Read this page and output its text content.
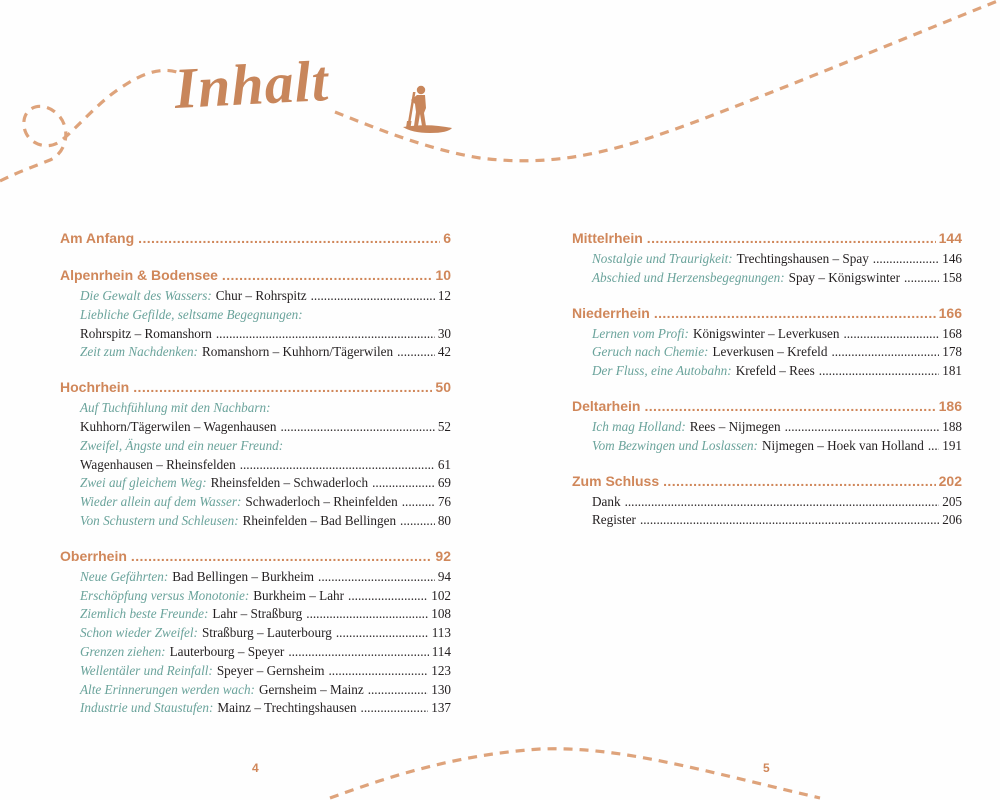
Inhalt
Am Anfang .....	6
Alpenrhein & Bodensee .....	10
Die Gewalt des Wassers: Chur – Rohrspitz .....	12
Liebliche Gefilde, seltsame Begegnungen:
Rohrspitz – Romanshorn .....	30
Zeit zum Nachdenken: Romanshorn – Kuhhorn/Tägerwilen .....	42
Hochrhein .....	50
Auf Tuchfühlung mit den Nachbarn:
Kuhhorn/Tägerwilen – Wagenhausen .....	52
Zweifel, Ängste und ein neuer Freund:
Wagenhausen – Rheinsfelden .....	61
Zwei auf gleichem Weg: Rheinsfelden – Schwaderloch .....	69
Wieder allein auf dem Wasser: Schwaderloch – Rheinfelden .....	76
Von Schustern und Schleusen: Rheinfelden – Bad Bellingen .....	80
Oberrhein .....	92
Neue Gefährten: Bad Bellingen – Burkheim .....	94
Erschöpfung versus Monotonie: Burkheim – Lahr .....	102
Ziemlich beste Freunde: Lahr – Straßburg .....	108
Schon wieder Zweifel: Straßburg – Lauterbourg .....	113
Grenzen ziehen: Lauterbourg – Speyer .....	114
Wellentäler und Reinfall: Speyer – Gernsheim .....	123
Alte Erinnerungen werden wach: Gernsheim – Mainz .....	130
Industrie und Staustufen: Mainz – Trechtingshausen .....	137
Mittelrhein .....	144
Nostalgie und Traurigkeit: Trechtingshausen – Spay .....	146
Abschied und Herzensbegegnungen: Spay – Königswinter .....	158
Niederrhein .....	166
Lernen vom Profi: Königswinter – Leverkusen .....	168
Geruch nach Chemie: Leverkusen – Krefeld .....	178
Der Fluss, eine Autobahn: Krefeld – Rees .....	181
Deltarhein .....	186
Ich mag Holland: Rees – Nijmegen .....	188
Vom Bezwingen und Loslassen: Nijmegen – Hoek van Holland ..... 191
Zum Schluss .....	202
Dank .....	205
Register .....	206
4	5
